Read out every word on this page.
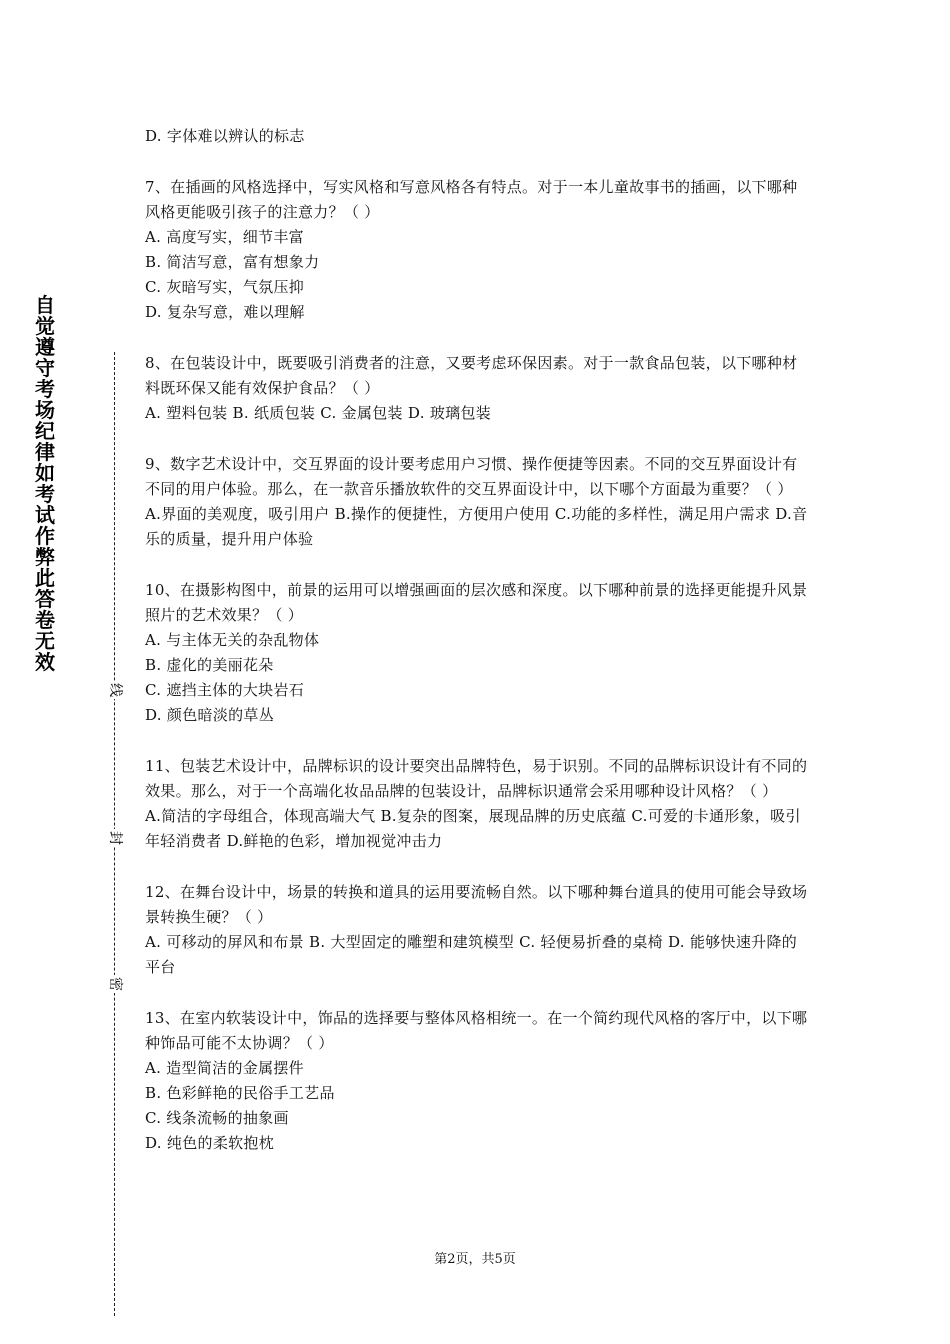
自觉遵守考场纪律如考试作弊此答卷无效
线
封
密

D. 字体难以辨认的标志

7、在插画的风格选择中，写实风格和写意风格各有特点。对于一本儿童故事书的插画，以下哪种风格更能吸引孩子的注意力？（ ）

A. 高度写实，细节丰富

B. 简洁写意，富有想象力

C. 灰暗写实，气氛压抑

D. 复杂写意，难以理解

8、在包装设计中，既要吸引消费者的注意，又要考虑环保因素。对于一款食品包装，以下哪种材料既环保又能有效保护食品？（ ）

A. 塑料包装 B. 纸质包装 C. 金属包装 D. 玻璃包装

9、数字艺术设计中，交互界面的设计要考虑用户习惯、操作便捷等因素。不同的交互界面设计有不同的用户体验。那么，在一款音乐播放软件的交互界面设计中，以下哪个方面最为重要？（ ）

A.界面的美观度，吸引用户 B.操作的便捷性，方便用户使用 C.功能的多样性，满足用户需求 D.音乐的质量，提升用户体验

10、在摄影构图中，前景的运用可以增强画面的层次感和深度。以下哪种前景的选择更能提升风景照片的艺术效果？（ ）

A. 与主体无关的杂乱物体

B. 虚化的美丽花朵

C. 遮挡主体的大块岩石

D. 颜色暗淡的草丛

11、包装艺术设计中，品牌标识的设计要突出品牌特色，易于识别。不同的品牌标识设计有不同的效果。那么，对于一个高端化妆品品牌的包装设计，品牌标识通常会采用哪种设计风格？（ ）

A.简洁的字母组合，体现高端大气 B.复杂的图案，展现品牌的历史底蕴 C.可爱的卡通形象，吸引年轻消费者 D.鲜艳的色彩，增加视觉冲击力

12、在舞台设计中，场景的转换和道具的运用要流畅自然。以下哪种舞台道具的使用可能会导致场景转换生硬？（ ）

A. 可移动的屏风和布景 B. 大型固定的雕塑和建筑模型 C. 轻便易折叠的桌椅 D. 能够快速升降的平台

13、在室内软装设计中，饰品的选择要与整体风格相统一。在一个简约现代风格的客厅中，以下哪种饰品可能不太协调？（ ）

A. 造型简洁的金属摆件

B. 色彩鲜艳的民俗手工艺品

C. 线条流畅的抽象画

D. 纯色的柔软抱枕

第2页，共5页
